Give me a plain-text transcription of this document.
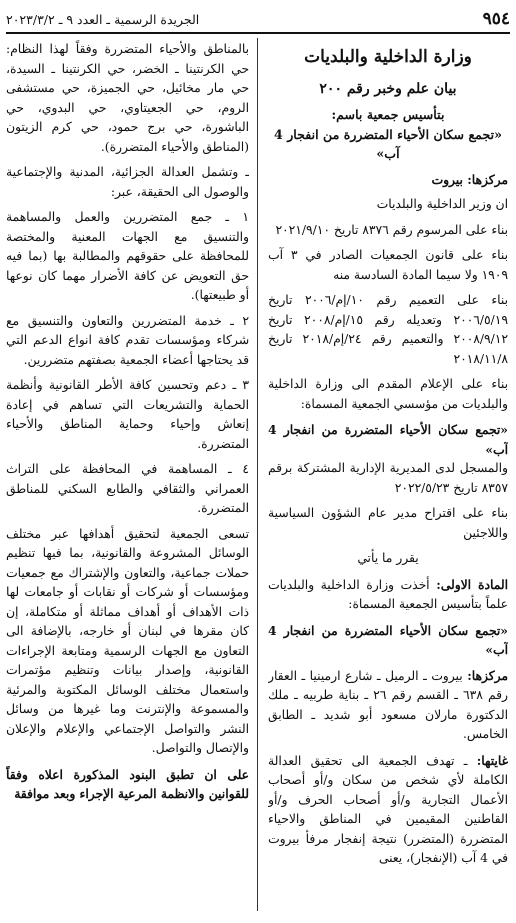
٩٥٤
الجريدة الرسمية ـ العدد ٩ ـ ٢٠٢٣/٣/٢
وزارة الداخلية والبلديات

بيان علم وخبر رقم ٢٠٠

بتأسيس جمعية باسم:

«تجمع سكان الأحياء المتضررة من انفجار 4 آب»

مركزها: بيروت

ان وزير الداخلية والبلديات

بناء على المرسوم رقم ٨٣٧٦ تاريخ ٢٠٢١/٩/١٠

بناء على قانون الجمعيات الصادر في ٣ آب ١٩٠٩ ولا سيما المادة السادسة منه

بناء على التعميم رقم ١٠/إم/٢٠٠٦ تاريخ ٢٠٠٦/٥/١٩ وتعديله رقم ١٥/إم/٢٠٠٨ تاريخ ٢٠٠٨/٩/١٢ والتعميم رقم ٢٤/إم/٢٠١٨ تاريخ ٢٠١٨/١١/٨

بناء على الإعلام المقدم الى وزارة الداخلية والبلديات من مؤسسي الجمعية المسماة:

«تجمع سكان الأحياء المتضررة من انفجار 4 آب»

والمسجل لدى المديرية الإدارية المشتركة برقم ٨٣٥٧ تاريخ ٢٠٢٢/٥/٢٣

بناء على اقتراح مدير عام الشؤون السياسية واللاجئين

يقرر ما يأتي

المادة الاولى: أخذت وزارة الداخلية والبلديات علماً بتأسيس الجمعية المسماة:

«تجمع سكان الأحياء المتضررة من انفجار 4 آب»

مركزها: بيروت ـ الرميل ـ شارع ارمينيا ـ العقار رقم ٦٣٨ ـ القسم رقم ٢٦ ـ بناية طربيه ـ ملك الدكتورة مارلان مسعود أبو شديد ـ الطابق الخامس.

غايتها: ـ تهدف الجمعية الى تحقيق العدالة الكاملة لأي شخص من سكان و/أو أصحاب الأعمال التجارية و/أو أصحاب الحرف و/أو القاطنين المقيمين في المناطق والاحياء المتضررة (المتضرر) نتيجة إنفجار مرفأ بيروت في 4 آب (الإنفجار)، يعنى

بالمناطق والأحياء المتضررة وفقاً لهذا النظام: حي الكرنتينا ـ الخضر، حي الكرنتينا ـ السيدة، حي مار مخائيل، حي الجميزة، حي مستشفى الروم، حي الجعيتاوي، حي البدوي، حي الباشورة، حي برج حمود، حي كرم الزيتون (المناطق والأحياء المتضررة).

ـ وتشمل العدالة الجزائية، المدنية والإجتماعية والوصول الى الحقيقة، عبر:

١ ـ جمع المتضررين والعمل والمساهمة والتنسيق مع الجهات المعنية والمختصة للمحافظة على حقوقهم والمطالبة بها (بما فيه حق التعويض عن كافة الأضرار مهما كان نوعها أو طبيعتها).

٢ ـ خدمة المتضررين والتعاون والتنسيق مع شركاء ومؤسسات تقدم كافة انواع الدعم التي قد يحتاجها أعضاء الجمعية بصفتهم متضررين.

٣ ـ دعم وتحسين كافة الأطر القانونية وأنظمة الحماية والتشريعات التي تساهم في إعادة إنعاش وإحياء وحماية المناطق والأحياء المتضررة.

٤ ـ المساهمة في المحافظة على التراث العمراني والثقافي والطابع السكني للمناطق المتضررة.

تسعى الجمعية لتحقيق أهدافها عبر مختلف الوسائل المشروعة والقانونية، بما فيها تنظيم حملات جماعية، والتعاون والإشتراك مع جمعيات ومؤسسات أو شركات أو نقابات أو جامعات لها ذات الأهداف أو أهداف مماثلة أو متكاملة، إن كان مقرها في لبنان أو خارجه، بالإضافة الى التعاون مع الجهات الرسمية ومتابعة الإجراءات القانونية، وإصدار بيانات وتنظيم مؤتمرات واستعمال مختلف الوسائل المكتوبة والمرئية والمسموعة والإنترنت وما غيرها من وسائل النشر والتواصل الإجتماعي والإعلام والإعلان والإتصال والتواصل.

على ان تطبق البنود المذكورة اعلاه وفقاً للقوانين والانظمة المرعية الإجراء وبعد موافقة
